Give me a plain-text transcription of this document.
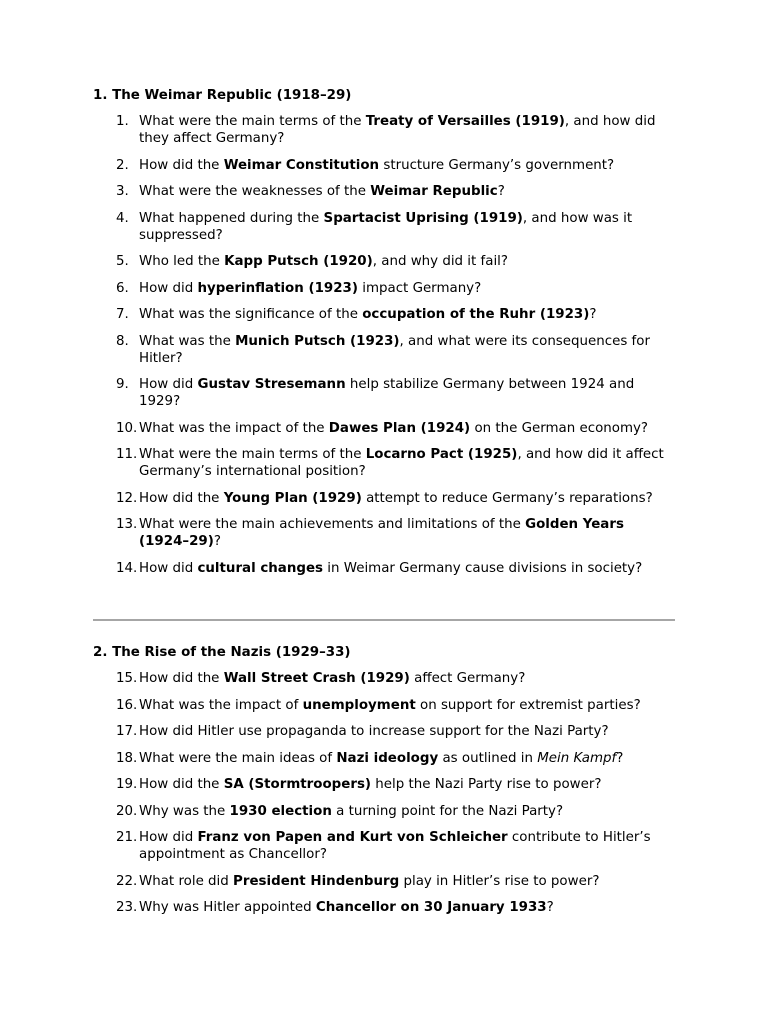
1. The Weimar Republic (1918–29)
1. What were the main terms of the Treaty of Versailles (1919), and how did they affect Germany?
2. How did the Weimar Constitution structure Germany’s government?
3. What were the weaknesses of the Weimar Republic?
4. What happened during the Spartacist Uprising (1919), and how was it suppressed?
5. Who led the Kapp Putsch (1920), and why did it fail?
6. How did hyperinflation (1923) impact Germany?
7. What was the significance of the occupation of the Ruhr (1923)?
8. What was the Munich Putsch (1923), and what were its consequences for Hitler?
9. How did Gustav Stresemann help stabilize Germany between 1924 and 1929?
10. What was the impact of the Dawes Plan (1924) on the German economy?
11. What were the main terms of the Locarno Pact (1925), and how did it affect Germany’s international position?
12. How did the Young Plan (1929) attempt to reduce Germany’s reparations?
13. What were the main achievements and limitations of the Golden Years (1924–29)?
14. How did cultural changes in Weimar Germany cause divisions in society?
2. The Rise of the Nazis (1929–33)
15. How did the Wall Street Crash (1929) affect Germany?
16. What was the impact of unemployment on support for extremist parties?
17. How did Hitler use propaganda to increase support for the Nazi Party?
18. What were the main ideas of Nazi ideology as outlined in Mein Kampf?
19. How did the SA (Stormtroopers) help the Nazi Party rise to power?
20. Why was the 1930 election a turning point for the Nazi Party?
21. How did Franz von Papen and Kurt von Schleicher contribute to Hitler’s appointment as Chancellor?
22. What role did President Hindenburg play in Hitler’s rise to power?
23. Why was Hitler appointed Chancellor on 30 January 1933?
